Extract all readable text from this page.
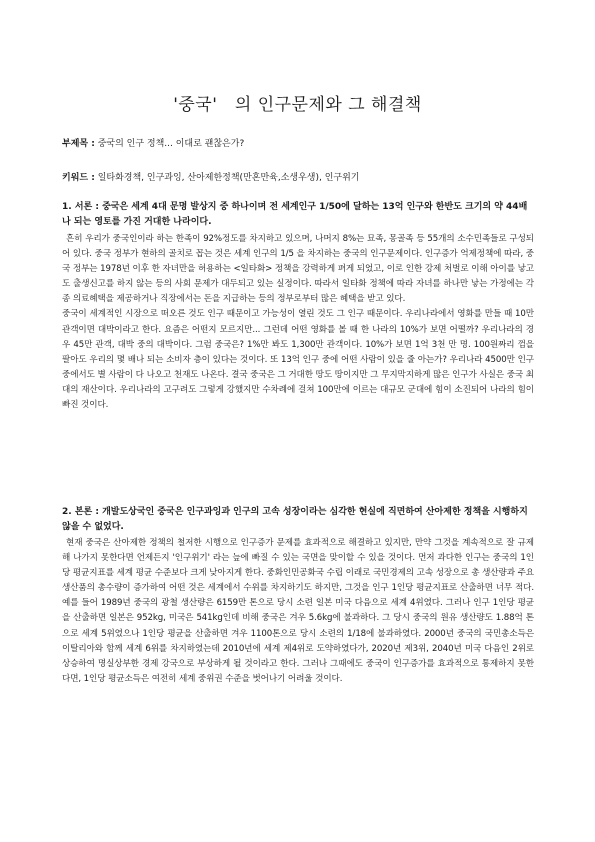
'중국'　의 인구문제와 그 해결책
부제목 : 중국의 인구 정책... 이대로 괜찮은가?
키워드 : 일타화경책, 인구과잉, 산아제한정책(만혼만육,소생우생), 인구위기
1. 서론 : 중국은 세계 4대 문명 발상지 중 하나이며 전 세계인구 1/50에 달하는 13억 인구와 한반도 크기의 약 44배나 되는 영토를 가진 거대한 나라이다.

흔히 우리가 중국인이라 하는 한족이 92%정도를 차지하고 있으며, 나머지 8%는 묘족, 몽골족 등 55개의 소수민족들로 구성되어 있다. 중국 정부가 현하의 골치로 꼽는 것은 세계 인구의 1/5 을 차지하는 중국의 인구문제이다. 인구증가 억제정책에 따라, 중국 정부는 1978년 이후 한 자녀만을 허용하는 <일타화> 정책을 강력하게 펴게 되었고, 이로 인한 강제 처벌로 이해 아이를 낳고도 출생신고를 하지 않는 등의 사회 문제가 대두되고 있는 실정이다. 따라서 일타화 정책에 따라 자녀를 하나만 낳는 가정에는 각종 의료혜택을 제공하거나 직장에서는 돈을 지급하는 등의 정부로부터 많은 혜택을 받고 있다.

중국이 세계적인 시장으로 떠오른 것도 인구 때문이고 가능성이 열린 것도 그 인구 때문이다. 우리나라에서 영화를 만들 때 10만 관객이면 대박이라고 한다. 요즘은 어떤지 모르지만... 그런데 어떤 영화를 볼 때 한 나라의 10%가 보면 어떨까? 우리나라의 경우 45만 관객, 대박 중의 대박이다. 그럼 중국은? 1%만 봐도 1,300만 관객이다. 10%가 보면 1억 3천 만 명. 100원짜리 껌을 팔아도 우리의 몇 배나 되는 소비자 층이 있다는 것이다. 또 13억 인구 중에 어떤 사람이 있을 줄 아는가? 우리나라 4500만 인구 중에서도 별 사람이 다 나오고 천재도 나온다. 결국 중국은 그 거대한 땅도 땅이지만 그 무지막지하게 많은 인구가 사실은 중국 최대의 재산이다. 우리나라의 고구려도 그렇게 강했지만 수차례에 걸쳐 100만에 이르는 대규모 군대에 힘이 소진되어 나라의 힘이 빠진 것이다.

2. 본론 : 개발도상국인 중국은 인구과잉과 인구의 고속 성장이라는 심각한 현실에 직면하여 산아제한 정책을 시행하지 않을 수 없었다.

현재 중국은 산아제한 정책의 철저한 시행으로 인구증가 문제를 효과적으로 해결하고 있지만, 만약 그것을 계속적으로 잘 규제해 나가지 못한다면 언제든지 '인구위기' 라는 늪에 빠질 수 있는 국면을 맞이할 수 있을 것이다. 먼저 과다한 인구는 중국의 1인당 평균지표를 세계 평균 수준보다 크게 낮아지게 한다. 중화인민공화국 수립 이래로 국민경제의 고속 성장으로 총 생산량과 주요 생산품의 총수량이 증가하여 어떤 것은 세계에서 수위를 차지하기도 하지만, 그것을 인구 1인당 평균지표로 산출하면 너무 적다. 예를 들어 1989년 중국의 광철 생산량은 6159만 톤으로 당시 소련 일본 미국 다음으로 세계 4위였다. 그러나 인구 1인당 평균을 산출하면 일본은 952kg, 미국은 541kg인데 비해 중국은 겨우 5.6kg에 불과하다. 그 당시 중국의 원유 생산량도 1.88억 톤으로 세계 5위였으나 1인당 평균을 산출하면 겨우 1100톤으로 당시 소련의 1/18에 불과하였다. 2000년 중국의 국민총소득은 이탈리아와 함께 세계 6위를 차지하였는데 2010년에 세계 제4위로 도약하였다가, 2020년 제3위, 2040년 미국 다음인 2위로 상승하여 명실상부한 경제 강국으로 부상하게 될 것이라고 한다. 그러나 그때에도 중국이 인구증가를 효과적으로 통제하지 못한다면, 1인당 평균소득은 여전히 세계 중위권 수준을 벗어나기 어려울 것이다.
